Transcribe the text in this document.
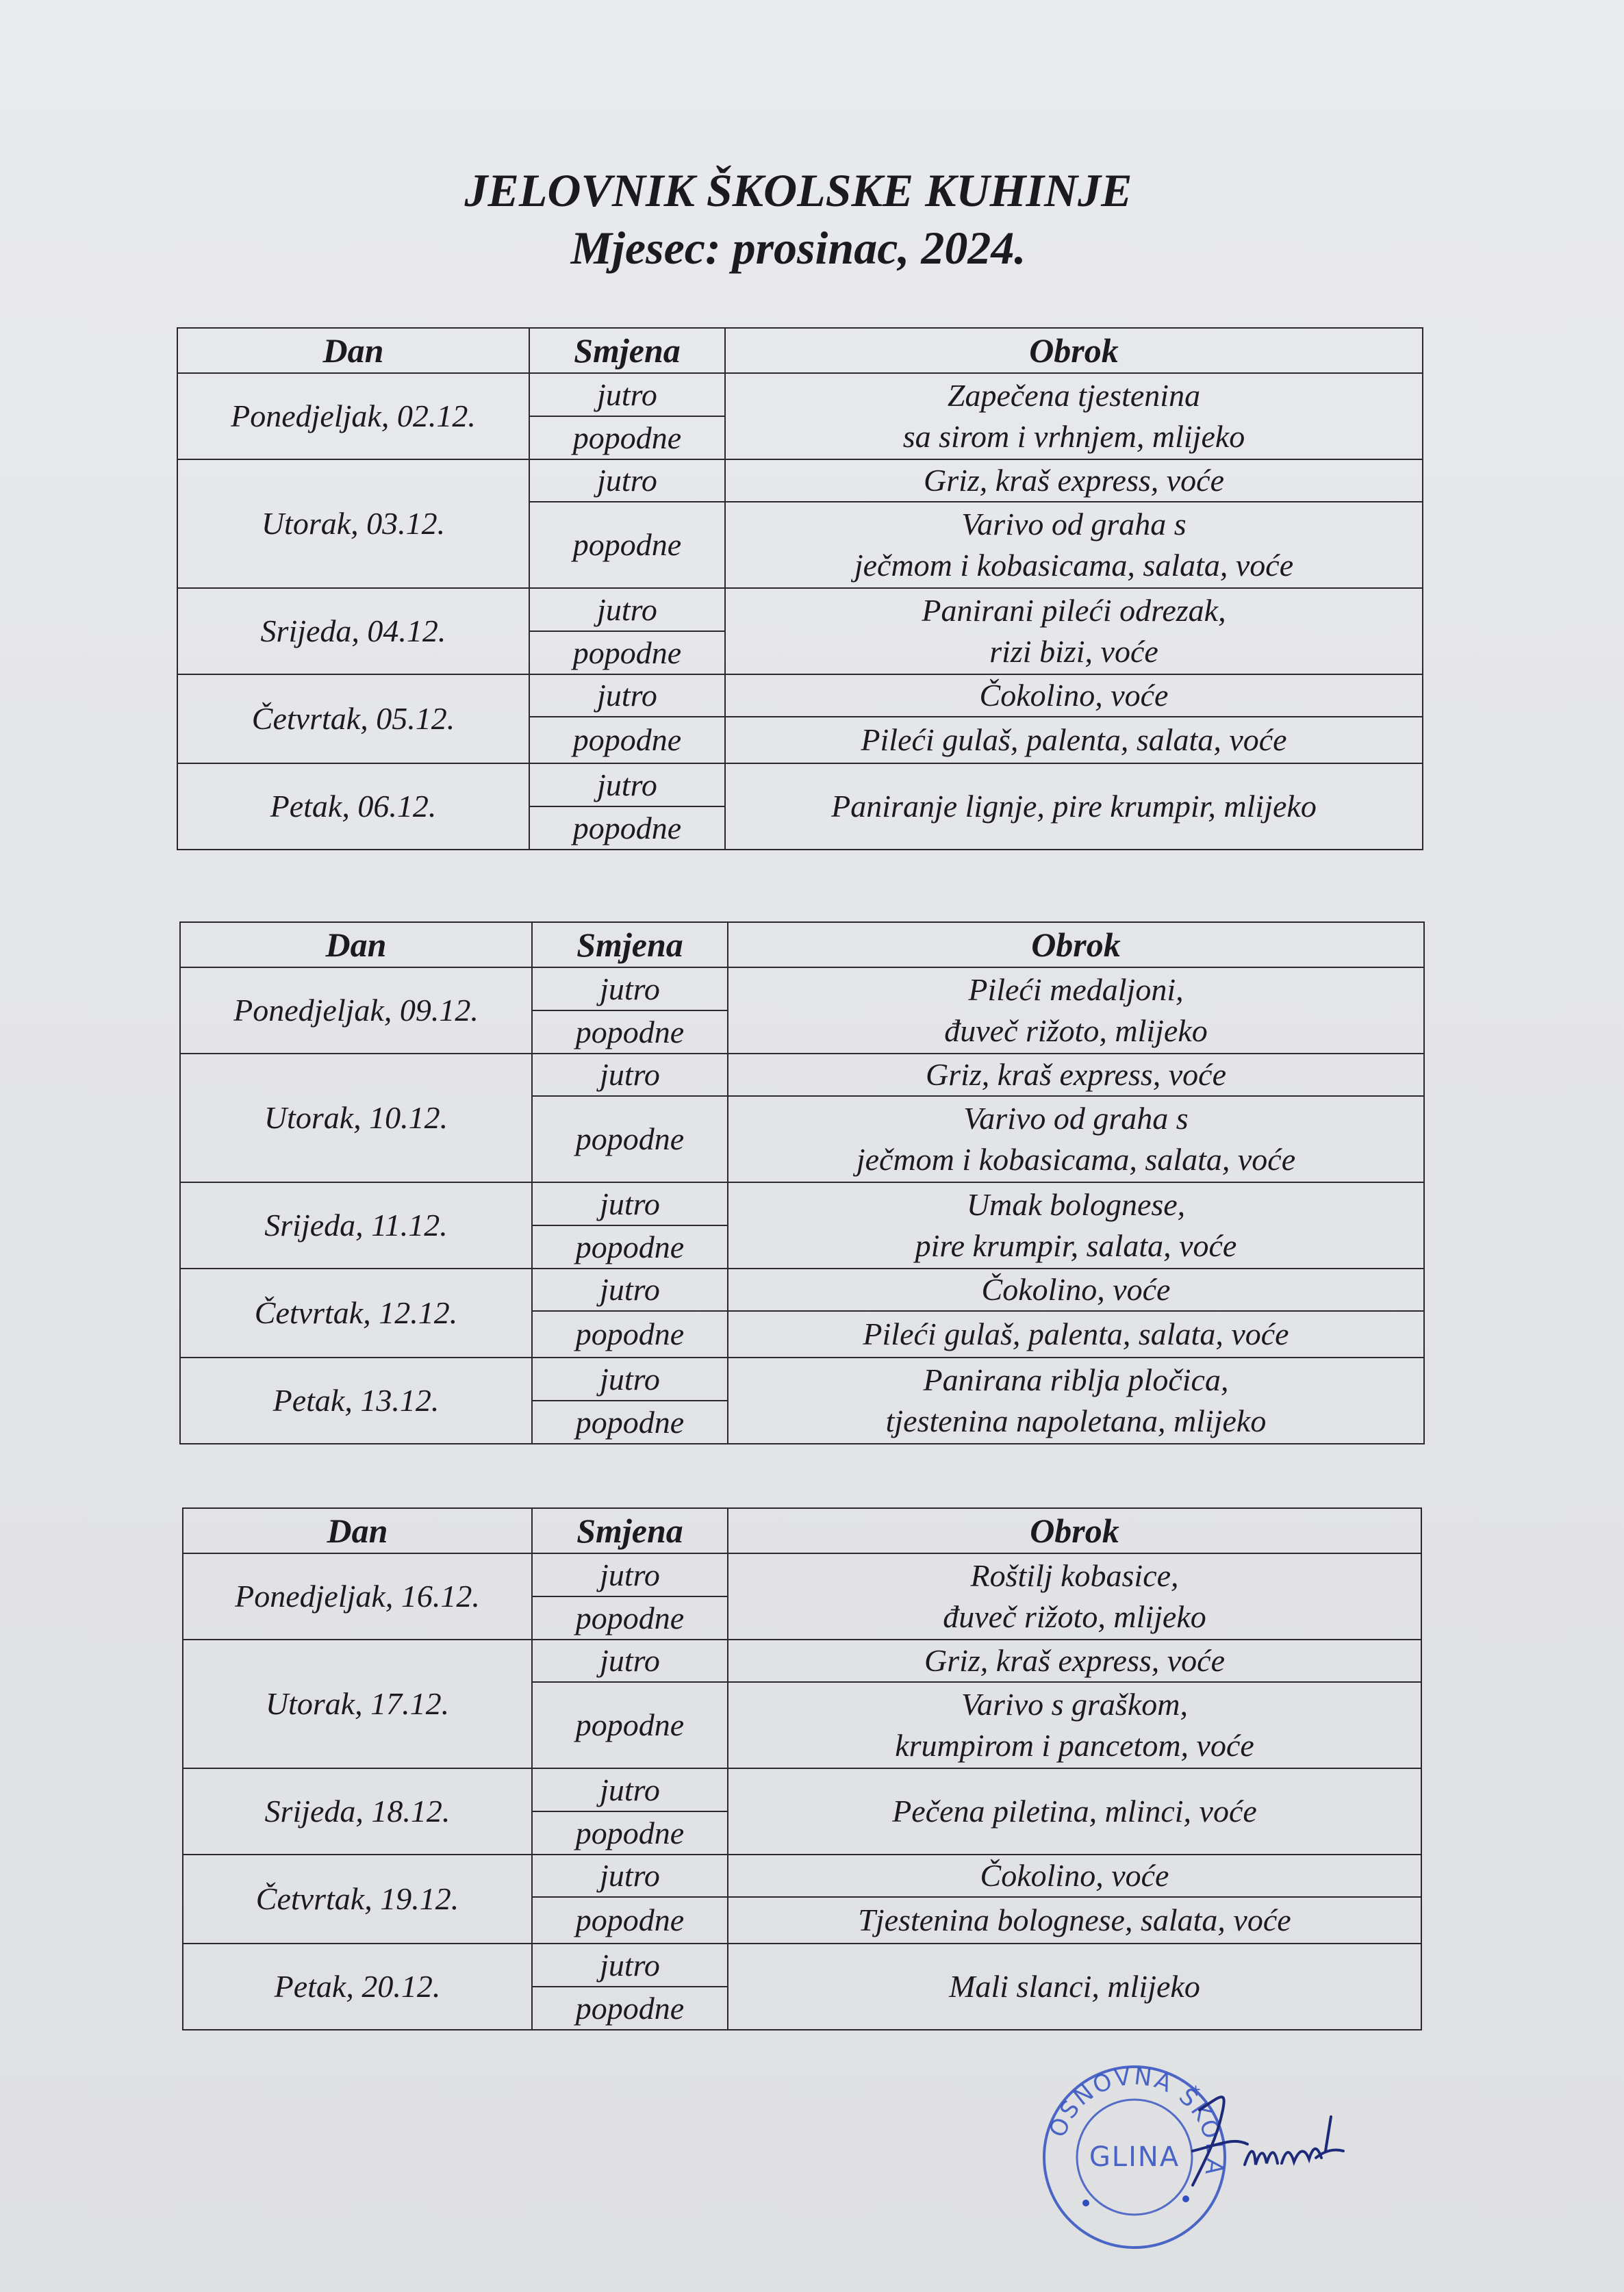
JELOVNIK ŠKOLSKE KUHINJE
Mjesec: prosinac, 2024.
Dan	Smjena	Obrok
Ponedjeljak, 02.12.	jutro	Zapečena tjestenina
sa sirom i vrhnjem, mlijeko
	popodne	
Utorak, 03.12.	jutro	Griz, kraš express, voće
	popodne	Varivo od graha s
ječmom i kobasicama, salata, voće
Srijeda, 04.12.	jutro	Panirani pileći odrezak,
rizi bizi, voće
	popodne	
Četvrtak, 05.12.	jutro	Čokolino, voće
	popodne	Pileći gulaš, palenta, salata, voće
Petak, 06.12.	jutro	Paniranje lignje, pire krumpir, mlijeko
	popodne	
Dan	Smjena	Obrok
Ponedjeljak, 09.12.	jutro	Pileći medaljoni,
đuveč rižoto, mlijeko
	popodne	
Utorak, 10.12.	jutro	Griz, kraš express, voće
	popodne	Varivo od graha s
ječmom i kobasicama, salata, voće
Srijeda, 11.12.	jutro	Umak bolognese,
pire krumpir, salata, voće
	popodne	
Četvrtak, 12.12.	jutro	Čokolino, voće
	popodne	Pileći gulaš, palenta, salata, voće
Petak, 13.12.	jutro	Panirana riblja pločica,
tjestenina napoletana, mlijeko
	popodne	
Dan	Smjena	Obrok
Ponedjeljak, 16.12.	jutro	Roštilj kobasice,
đuveč rižoto, mlijeko
	popodne	
Utorak, 17.12.	jutro	Griz, kraš express, voće
	popodne	Varivo s graškom,
krumpirom i pancetom, voće
Srijeda, 18.12.	jutro	Pečena piletina, mlinci, voće
	popodne	
Četvrtak, 19.12.	jutro	Čokolino, voće
	popodne	Tjestenina bolognese, salata, voće
Petak, 20.12.	jutro	Mali slanci, mlijeko
	popodne	
OSNOVNA ŠKOLA
GLINA
